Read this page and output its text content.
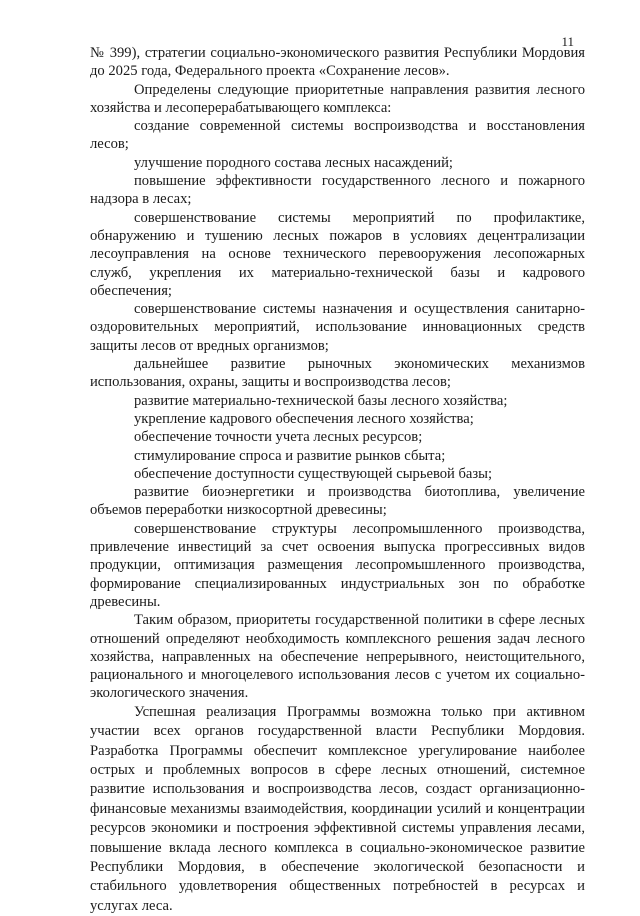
11

№ 399), стратегии социально-экономического развития Республики Мордовия до 2025 года, Федерального проекта «Сохранение лесов».

Определены следующие приоритетные направления развития лесного хозяйства и лесоперерабатывающего комплекса:

создание современной системы воспроизводства и восстановления лесов;

улучшение породного состава лесных насаждений;

повышение эффективности государственного лесного и пожарного надзора в лесах;

совершенствование системы мероприятий по профилактике, обнаружению и тушению лесных пожаров в условиях децентрализации лесоуправления на основе технического перевооружения лесопожарных служб, укрепления их материально-технической базы и кадрового обеспечения;

совершенствование системы назначения и осуществления санитарно-оздоровительных мероприятий, использование инновационных средств защиты лесов от вредных организмов;

дальнейшее развитие рыночных экономических механизмов использования, охраны, защиты и воспроизводства лесов;

развитие материально-технической базы лесного хозяйства;

укрепление кадрового обеспечения лесного хозяйства;

обеспечение точности учета лесных ресурсов;

стимулирование спроса и развитие рынков сбыта;

обеспечение доступности существующей сырьевой базы;

развитие биоэнергетики и производства биотоплива, увеличение объемов переработки низкосортной древесины;

совершенствование структуры лесопромышленного производства, привлечение инвестиций за счет освоения выпуска прогрессивных видов продукции, оптимизация размещения лесопромышленного производства, формирование специализированных индустриальных зон по обработке древесины.

Таким образом, приоритеты государственной политики в сфере лесных отношений определяют необходимость комплексного решения задач лесного хозяйства, направленных на обеспечение непрерывного, неистощительного, рационального и многоцелевого использования лесов с учетом их социально-экологического значения.

Успешная реализация Программы возможна только при активном участии всех органов государственной власти Республики Мордовия. Разработка Программы обеспечит комплексное урегулирование наиболее острых и проблемных вопросов в сфере лесных отношений, системное развитие использования и воспроизводства лесов, создаст организационно-финансовые механизмы взаимодействия, координации усилий и концентрации ресурсов экономики и построения эффективной системы управления лесами, повышение вклада лесного комплекса в социально-экономическое развитие Республики Мордовия, в обеспечение экологической безопасности и стабильного удовлетворения общественных потребностей в ресурсах и услугах леса.
